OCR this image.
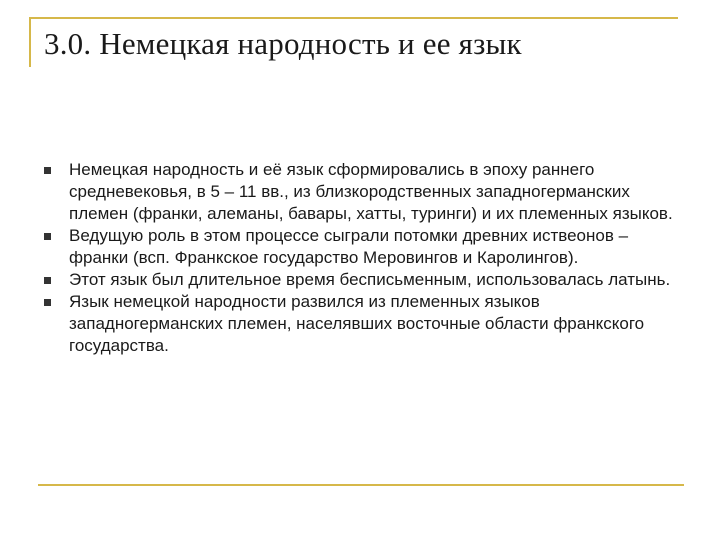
3.0. Немецкая народность и ее язык
Немецкая народность и её язык сформировались в эпоху раннего средневековья, в 5 – 11 вв., из близкородственных западногерманских племен (франки, алеманы, бавары, хатты, туринги) и их племенных языков.
Ведущую роль в этом процессе сыграли потомки древних иствеонов – франки (всп. Франкское государство Меровингов и Каролингов).
Этот язык был длительное время бесписьменным, использовалась латынь.
Язык немецкой народности развился из племенных языков западногерманских племен, населявших восточные области франкского государства.
